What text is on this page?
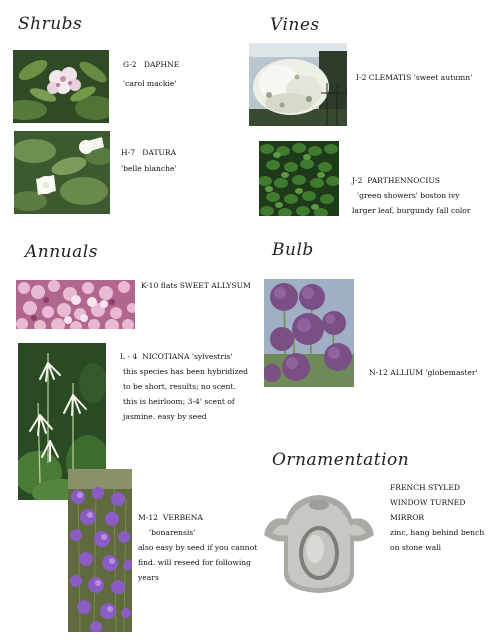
Shrubs	Vines
Annuals	Bulb
Ornamentation
G-2 DAPHNE
'carol mackie'
H-7 DATURA
'belle blanche'
I-2 CLEMATIS 'sweet autumn'
J-2 PARTHENNOCIUS
'green showers' boston ivy
larger leaf, burgundy fall color
K-10 flats SWEET ALLYSUM
N-12 ALLIUM 'globemaster'
L - 4 NICOTIANA 'sylvestris'
this species has been hybridized
to be short, results; no scent.
this is heirloom; 3-4' scent of
jasmine. easy by seed
M-12 VERBENA
'bonarensis'
also easy by seed if you cannot
find. will reseed for following
years
FRENCH STYLED
WINDOW TURNED
MIRROR
zinc, hang behind bench
on stone wall
